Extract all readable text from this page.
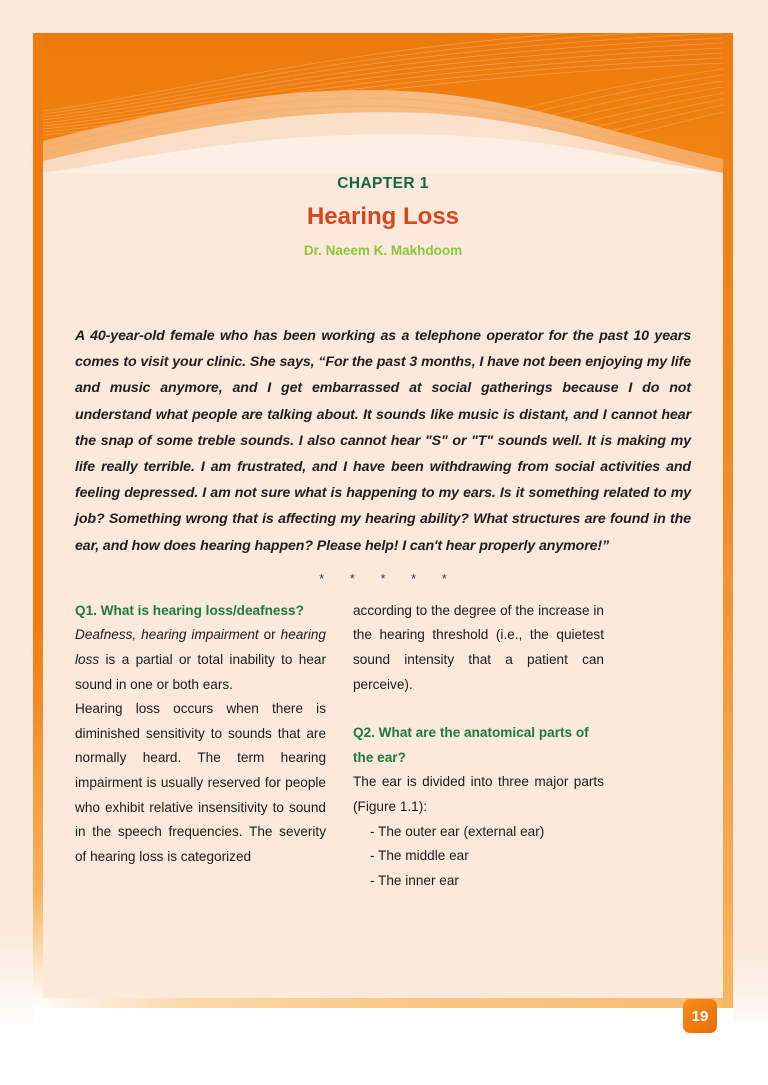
CHAPTER 1
Hearing Loss
Dr. Naeem K. Makhdoom
A 40-year-old female who has been working as a telephone operator for the past 10 years comes to visit your clinic. She says, “For the past 3 months, I have not been enjoying my life and music anymore, and I get embarrassed at social gatherings because I do not understand what people are talking about. It sounds like music is distant, and I cannot hear the snap of some treble sounds. I also cannot hear "S" or "T" sounds well. It is making my life really terrible. I am frustrated, and I have been withdrawing from social activities and feeling depressed. I am not sure what is happening to my ears. Is it something related to my job? Something wrong that is affecting my hearing ability? What structures are found in the ear, and how does hearing happen? Please help! I can't hear properly anymore!”
* * * * *
Q1. What is hearing loss/deafness?

Deafness, hearing impairment or hearing loss is a partial or total inability to hear sound in one or both ears.

Hearing loss occurs when there is diminished sensitivity to sounds that are normally heard. The term hearing impairment is usually reserved for people who exhibit relative insensitivity to sound in the speech frequencies. The severity of hearing loss is categorized

according to the degree of the increase in the hearing threshold (i.e., the quietest sound intensity that a patient can perceive).

Q2. What are the anatomical parts of the ear?

The ear is divided into three major parts (Figure 1.1):

- The outer ear (external ear)
- The middle ear
- The inner ear
19
